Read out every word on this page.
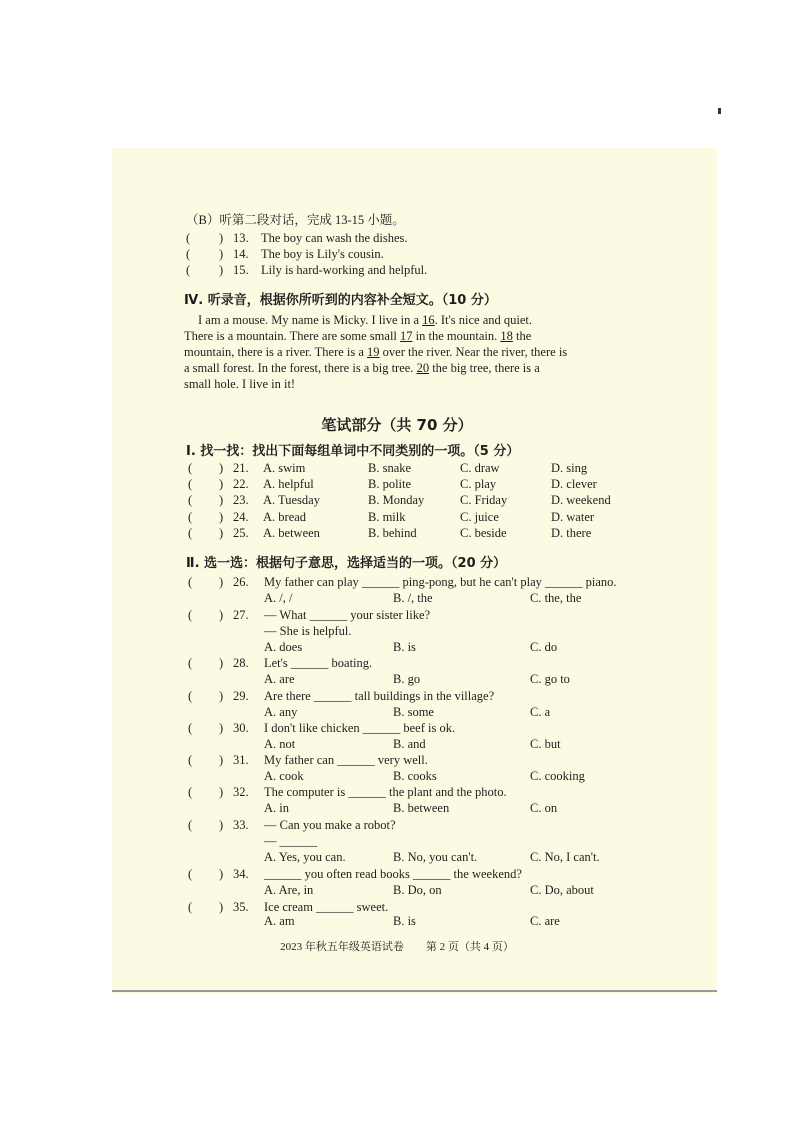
（B）听第二段对话，完成 13-15 小题。
( ) 13. The boy can wash the dishes.
( ) 14. The boy is Lily's cousin.
( ) 15. Lily is hard-working and helpful.
Ⅳ. 听录音，根据你所听到的内容补全短文。（10 分）
I am a mouse. My name is Micky. I live in a 16. It's nice and quiet.
There is a mountain. There are some small 17 in the mountain. 18 the
mountain, there is a river. There is a 19 over the river. Near the river, there is
a small forest. In the forest, there is a big tree. 20 the big tree, there is a
small hole. I live in it!
笔试部分（共 70 分）
Ⅰ. 找一找：找出下面每组单词中不同类别的一项。（5 分）
( ) 21. A. swim	B. snake	C. draw	D. sing
( ) 22. A. helpful	B. polite	C. play	D. clever
( ) 23. A. Tuesday	B. Monday	C. Friday	D. weekend
( ) 24. A. bread	B. milk	C. juice	D. water
( ) 25. A. between	B. behind	C. beside	D. there
Ⅱ. 选一选：根据句子意思，选择适当的一项。（20 分）
( ) 26. My father can play ______ ping-pong, but he can't play ______ piano.
A. /, /	B. /, the	C. the, the
( ) 27. — What ______ your sister like?
— She is helpful.
A. does	B. is	C. do
( ) 28. Let's ______ boating.
A. are	B. go	C. go to
( ) 29. Are there ______ tall buildings in the village?
A. any	B. some	C. a
( ) 30. I don't like chicken ______ beef is ok.
A. not	B. and	C. but
( ) 31. My father can ______ very well.
A. cook	B. cooks	C. cooking
( ) 32. The computer is ______ the plant and the photo.
A. in	B. between	C. on
( ) 33. — Can you make a robot?
— ______
A. Yes, you can.	B. No, you can't.	C. No, I can't.
( ) 34. ______ you often read books ______ the weekend?
A. Are, in	B. Do, on	C. Do, about
( ) 35. Ice cream ______ sweet.
A. am	B. is	C. are
2023 年秋五年级英语试卷　　第 2 页（共 4 页）
